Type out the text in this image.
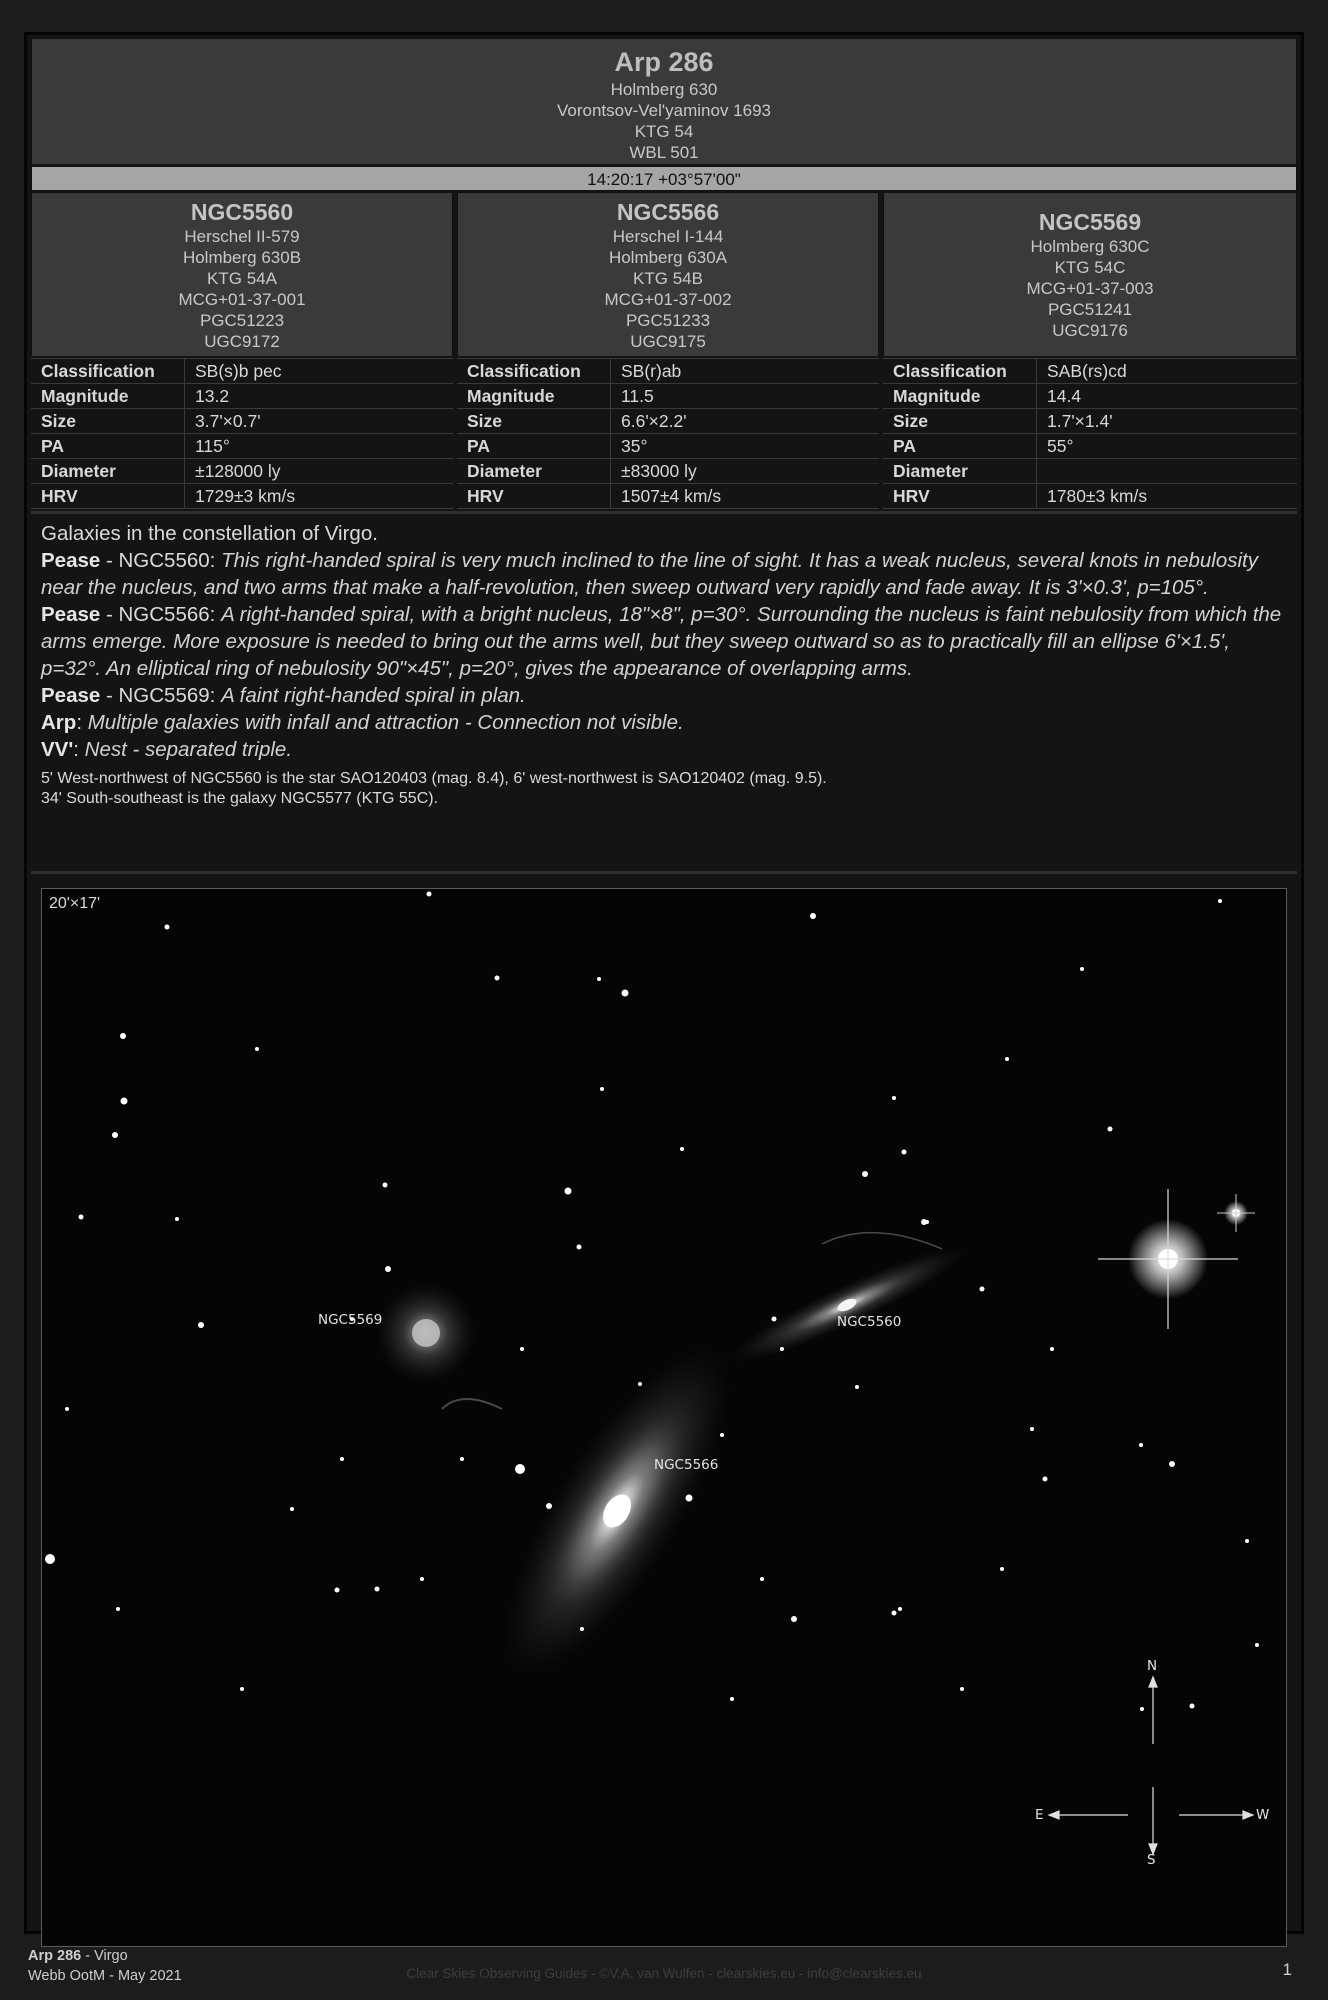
Arp 286
Holmberg 630
Vorontsov-Vel'yaminov 1693
KTG 54
WBL 501
14:20:17 +03°57'00"
NGC5560
Herschel II-579
Holmberg 630B
KTG 54A
MCG+01-37-001
PGC51223
UGC9172
Classification	SB(s)b pec
Magnitude	13.2
Size	3.7'×0.7'
PA	115°
Diameter	±128000 ly
HRV	1729±3 km/s
NGC5566
Herschel I-144
Holmberg 630A
KTG 54B
MCG+01-37-002
PGC51233
UGC9175
Classification	SB(r)ab
Magnitude	11.5
Size	6.6'×2.2'
PA	35°
Diameter	±83000 ly
HRV	1507±4 km/s
NGC5569
Holmberg 630C
KTG 54C
MCG+01-37-003
PGC51241
UGC9176
Classification	SAB(rs)cd
Magnitude	14.4
Size	1.7'×1.4'
PA	55°
Diameter	
HRV	1780±3 km/s

Galaxies in the constellation of Virgo.

Pease - NGC5560: This right-handed spiral is very much inclined to the line of sight. It has a weak nucleus, several knots in nebulosity near the nucleus, and two arms that make a half-revolution, then sweep outward very rapidly and fade away. It is 3'×0.3', p=105°.

Pease - NGC5566: A right-handed spiral, with a bright nucleus, 18"×8", p=30°. Surrounding the nucleus is faint nebulosity from which the arms emerge. More exposure is needed to bring out the arms well, but they sweep outward so as to practically fill an ellipse 6'×1.5', p=32°. An elliptical ring of nebulosity 90"×45", p=20°, gives the appearance of overlapping arms.

Pease - NGC5569: A faint right-handed spiral in plan.

Arp: Multiple galaxies with infall and attraction - Connection not visible.

VV': Nest - separated triple.

5' West-northwest of NGC5560 is the star SAO120403 (mag. 8.4), 6' west-northwest is SAO120402 (mag. 9.5).

34' South-southeast is the galaxy NGC5577 (KTG 55C).

20'×17'
NGC5569	NGC5560
NGC5566
N
E	W
S
Arp 286 - Virgo
Webb OotM - May 2021	Clear Skies Observing Guides - ©V.A. van Wulfen - clearskies.eu - info@clearskies.eu	1
